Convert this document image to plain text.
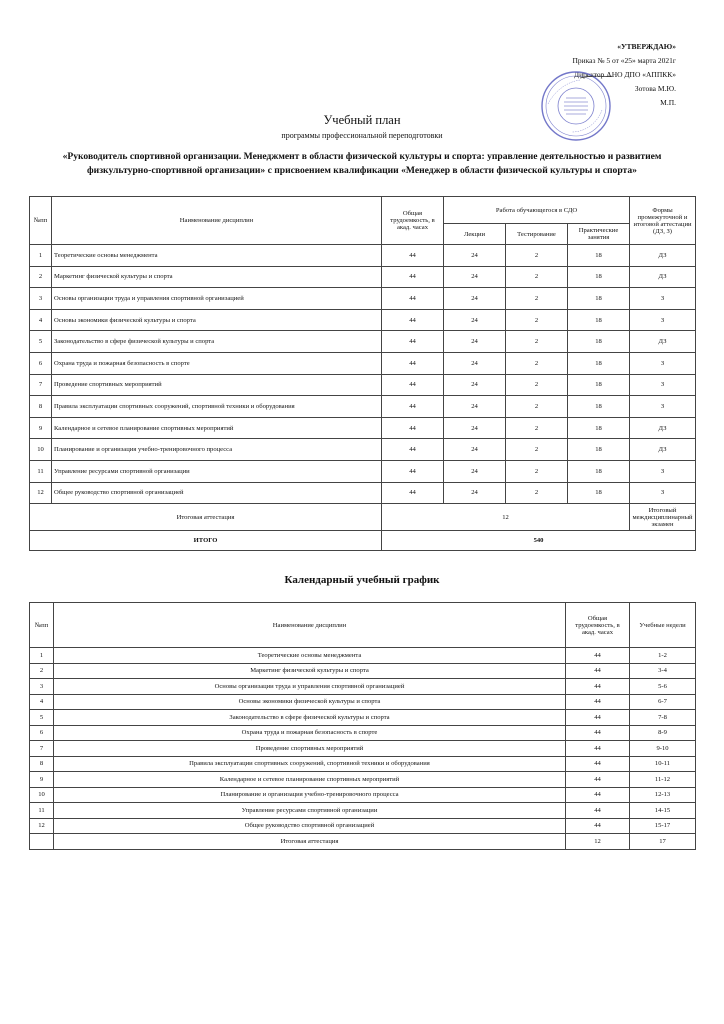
«УТВЕРЖДАЮ»
Приказ № 5 от «25» марта 2021г
Директор АНО ДПО «АППКК»
Зотова М.Ю.
М.П.
Учебный план
программы профессиональной переподготовки
«Руководитель спортивной организации. Менеджмент в области физической культуры и спорта: управление деятельностью и развитием физкультурно-спортивной организации» с присвоением квалификации «Менеджер в области физической культуры и спорта»
№пп	Наименование дисциплин	Общая трудоемкость, в акад. часах	Работа обучающегося в СДО			Формы промежуточной и итоговой аттестации (ДЗ, З)
			Лекции	Тестирование	Практические занятия	
1	Теоретические основы менеджмента	44	24	2	18	ДЗ
2	Маркетинг физической культуры и спорта	44	24	2	18	ДЗ
3	Основы организации труда и управления спортивной организацией	44	24	2	18	З
4	Основы экономики физической культуры и спорта	44	24	2	18	З
5	Законодательство в сфере физической культуры и спорта	44	24	2	18	ДЗ
6	Охрана труда и пожарная безопасность в спорте	44	24	2	18	З
7	Проведение спортивных мероприятий	44	24	2	18	З
8	Правила эксплуатации спортивных сооружений, спортивной техники и оборудования	44	24	2	18	З
9	Календарное и сетевое планирование спортивных мероприятий	44	24	2	18	ДЗ
10	Планирование и организация учебно-тренировочного процесса	44	24	2	18	ДЗ
11	Управление ресурсами спортивной организации	44	24	2	18	З
12	Общее руководство спортивной организацией	44	24	2	18	З
Итоговая аттестация		12				Итоговый междисциплинарный экзамен
ИТОГО		540				
Календарный учебный график
№пп	Наименование дисциплин	Общая трудоемкость, в акад. часах	Учебные недели
1	Теоретические основы менеджмента	44	1-2
2	Маркетинг физической культуры и спорта	44	3-4
3	Основы организации труда и управления спортивной организацией	44	5-6
4	Основы экономики физической культуры и спорта	44	6-7
5	Законодательство в сфере физической культуры и спорта	44	7-8
6	Охрана труда и пожарная безопасность в спорте	44	8-9
7	Проведение спортивных мероприятий	44	9-10
8	Правила эксплуатации спортивных сооружений, спортивной техники и оборудования	44	10-11
9	Календарное и сетевое планирование спортивных мероприятий	44	11-12
10	Планирование и организация учебно-тренировочного процесса	44	12-13
11	Управление ресурсами спортивной организации	44	14-15
12	Общее руководство спортивной организацией	44	15-17
	Итоговая аттестация	12	17
